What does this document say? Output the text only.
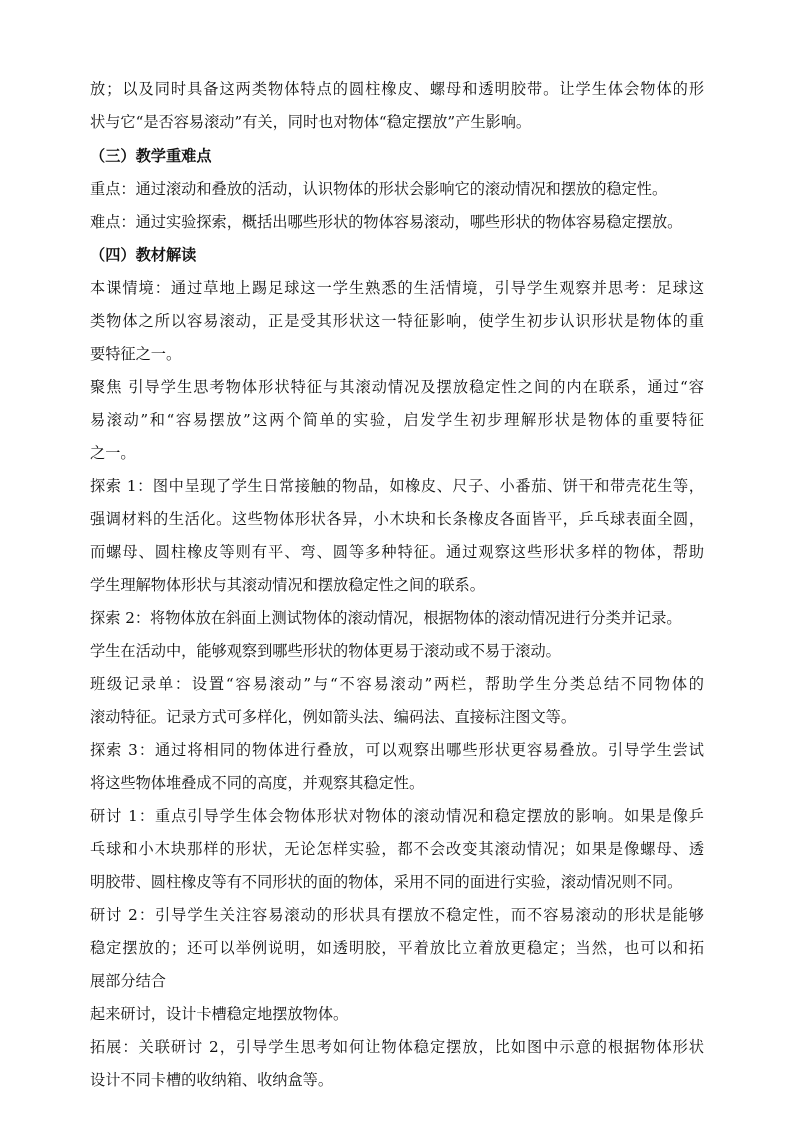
放；以及同时具备这两类物体特点的圆柱橡皮、螺母和透明胶带。让学生体会物体的形
状与它“是否容易滚动”有关，同时也对物体“稳定摆放”产生影响。
（三）教学重难点
重点：通过滚动和叠放的活动，认识物体的形状会影响它的滚动情况和摆放的稳定性。
难点：通过实验探索，概括出哪些形状的物体容易滚动，哪些形状的物体容易稳定摆放。
（四）教材解读
本课情境：通过草地上踢足球这一学生熟悉的生活情境，引导学生观察并思考：足球这
类物体之所以容易滚动，正是受其形状这一特征影响，使学生初步认识形状是物体的重
要特征之一。
聚焦 引导学生思考物体形状特征与其滚动情况及摆放稳定性之间的内在联系，通过“容
易滚动”和“容易摆放”这两个简单的实验，启发学生初步理解形状是物体的重要特征
之一。
探索 1：图中呈现了学生日常接触的物品，如橡皮、尺子、小番茄、饼干和带壳花生等，
强调材料的生活化。这些物体形状各异，小木块和长条橡皮各面皆平，乒乓球表面全圆，
而螺母、圆柱橡皮等则有平、弯、圆等多种特征。通过观察这些形状多样的物体，帮助
学生理解物体形状与其滚动情况和摆放稳定性之间的联系。
探索 2：将物体放在斜面上测试物体的滚动情况，根据物体的滚动情况进行分类并记录。
学生在活动中，能够观察到哪些形状的物体更易于滚动或不易于滚动。
班级记录单：设置“容易滚动”与“不容易滚动”两栏，帮助学生分类总结不同物体的
滚动特征。记录方式可多样化，例如箭头法、编码法、直接标注图文等。
探索 3：通过将相同的物体进行叠放，可以观察出哪些形状更容易叠放。引导学生尝试
将这些物体堆叠成不同的高度，并观察其稳定性。
研讨 1：重点引导学生体会物体形状对物体的滚动情况和稳定摆放的影响。如果是像乒
乓球和小木块那样的形状，无论怎样实验，都不会改变其滚动情况；如果是像螺母、透
明胶带、圆柱橡皮等有不同形状的面的物体，采用不同的面进行实验，滚动情况则不同。
研讨 2：引导学生关注容易滚动的形状具有摆放不稳定性，而不容易滚动的形状是能够
稳定摆放的；还可以举例说明，如透明胶，平着放比立着放更稳定；当然，也可以和拓
展部分结合
起来研讨，设计卡槽稳定地摆放物体。
拓展：关联研讨 2，引导学生思考如何让物体稳定摆放，比如图中示意的根据物体形状
设计不同卡槽的收纳箱、收纳盒等。
